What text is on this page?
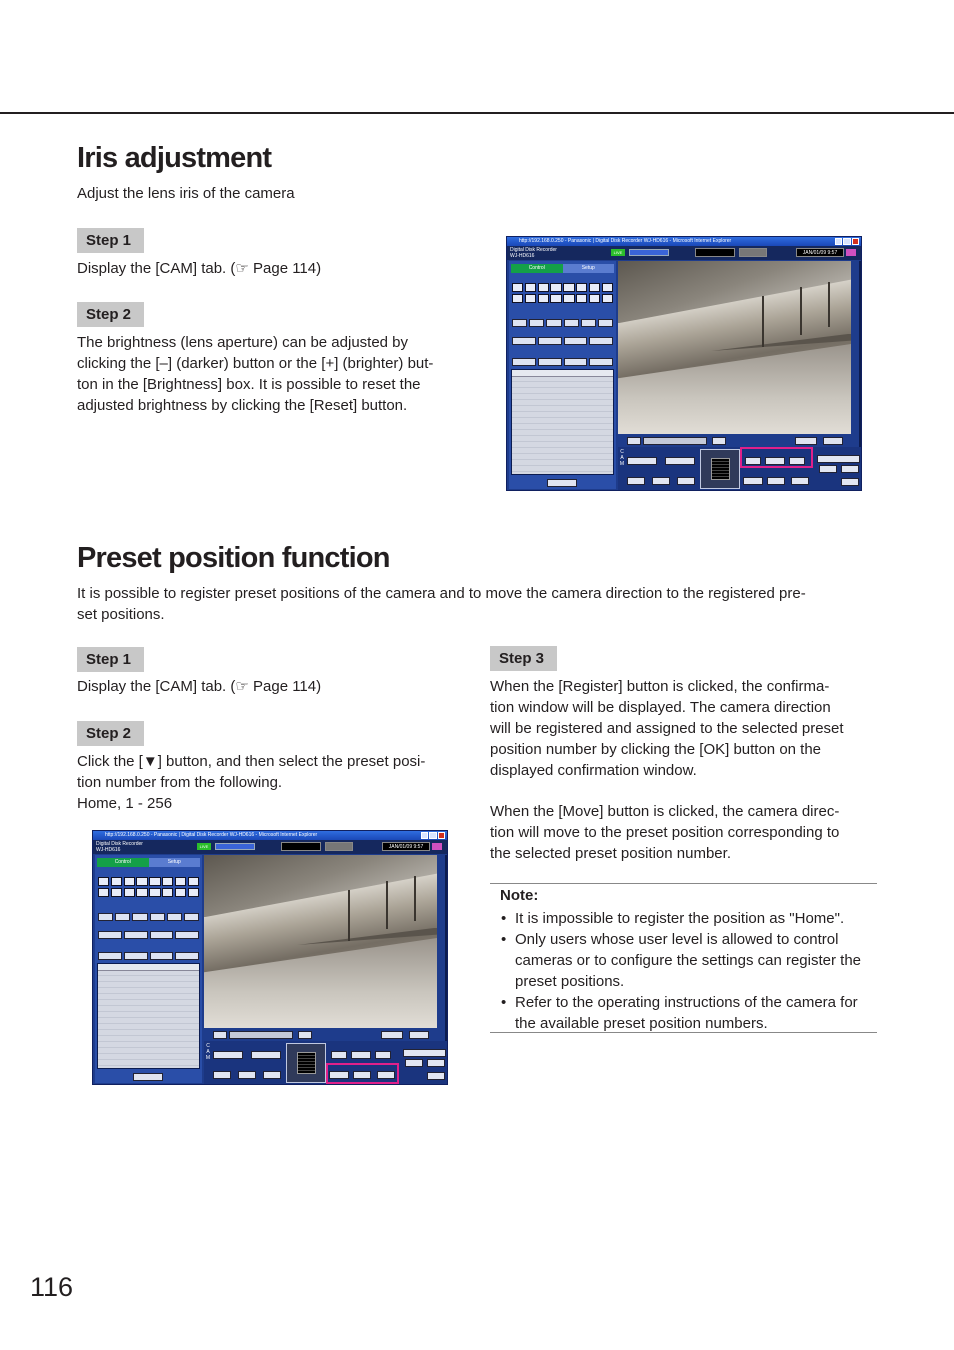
Iris adjustment
Adjust the lens iris of the camera
Step 1
Display the [CAM] tab. (☞ Page 114)
Step 2
The brightness (lens aperture) can be adjusted by
clicking the [–] (darker) button or the [+] (brighter) but-
ton in the [Brightness] box. It is possible to reset the
adjusted brightness by clicking the [Reset] button.
http://192.168.0.250 - Panasonic | Digital Disk Recorder WJ-HD616 - Microsoft Internet Explorer
Digital Disk Recorder
WJ-HD616
LIVE	JAN/01/09 9:57
Control	Setup
C
A
M
Preset position function
It is possible to register preset positions of the camera and to move the camera direction to the registered pre-
set positions.
Step 1
Display the [CAM] tab. (☞ Page 114)
Step 2
Click the [▼] button, and then select the preset posi-
tion number from the following.
Home, 1 - 256
Step 3
When the [Register] button is clicked, the confirma-
tion window will be displayed. The camera direction
will be registered and assigned to the selected preset
position number by clicking the [OK] button on the
displayed confirmation window.
When the [Move] button is clicked, the camera direc-
tion will move to the preset position corresponding to
the selected preset position number.
Note:
• It is impossible to register the position as "Home".
• Only users whose user level is allowed to control cameras or to configure the settings can register the preset positions.
• Refer to the operating instructions of the camera for the available preset position numbers.
http://192.168.0.250 - Panasonic | Digital Disk Recorder WJ-HD616 - Microsoft Internet Explorer
Digital Disk Recorder
WJ-HD616
LIVE	JAN/01/09 9:57
Control	Setup
C
A
M
116
